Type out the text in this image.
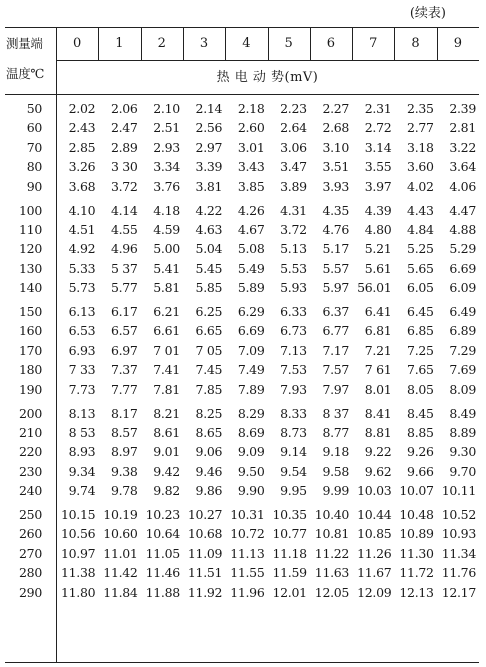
(续表)
测量端
温度℃	热 电 动 势(mV)
0	1	2	3	4	5	6	7	8	9
50	2.02	2.06	2.10	2.14	2.18	2.23	2.27	2.31	2.35	2.39
60	2.43	2.47	2.51	2.56	2.60	2.64	2.68	2.72	2.77	2.81
70	2.85	2.89	2.93	2.97	3.01	3.06	3.10	3.14	3.18	3.22
80	3.26	3 30	3.34	3.39	3.43	3.47	3.51	3.55	3.60	3.64
90	3.68	3.72	3.76	3.81	3.85	3.89	3.93	3.97	4.02	4.06
100	4.10	4.14	4.18	4.22	4.26	4.31	4.35	4.39	4.43	4.47
110	4.51	4.55	4.59	4.63	4.67	3.72	4.76	4.80	4.84	4.88
120	4.92	4.96	5.00	5.04	5.08	5.13	5.17	5.21	5.25	5.29
130	5.33	5 37	5.41	5.45	5.49	5.53	5.57	5.61	5.65	6.69
140	5.73	5.77	5.81	5.85	5.89	5.93	5.97 56.01	6.05	6.09
150	6.13	6.17	6.21	6.25	6.29	6.33	6.37	6.41	6.45	6.49
160	6.53	6.57	6.61	6.65	6.69	6.73	6.77	6.81	6.85	6.89
170	6.93	6.97	7 01	7 05	7.09	7.13	7.17	7.21	7.25	7.29
180	7 33	7.37	7.41	7.45	7.49	7.53	7.57	7 61	7.65	7.69
190	7.73	7.77	7.81	7.85	7.89	7.93	7.97	8.01	8.05	8.09
200	8.13	8.17	8.21	8.25	8.29	8.33	8 37	8.41	8.45	8.49
210	8 53	8.57	8.61	8.65	8.69	8.73	8.77	8.81	8.85	8.89
220	8.93	8.97	9.01	9.06	9.09	9.14	9.18	9.22	9.26	9.30
230	9.34	9.38	9.42	9.46	9.50	9.54	9.58	9.62	9.66	9.70
240	9.74	9.78	9.82	9.86	9.90	9.95	9.99 10.03 10.07 10.11
250	10.15 10.19 10.23 10.27 10.31 10.35 10.40 10.44 10.48 10.52
260	10.56 10.60 10.64 10.68 10.72 10.77 10.81 10.85 10.89 10.93
270	10.97 11.01 11.05 11.09 11.13 11.18 11.22 11.26 11.30 11.34
280	11.38 11.42 11.46 11.51 11.55 11.59 11.63 11.67 11.72 11.76
290	11.80 11.84 11.88 11.92 11.96 12.01 12.05 12.09 12.13 12.17
